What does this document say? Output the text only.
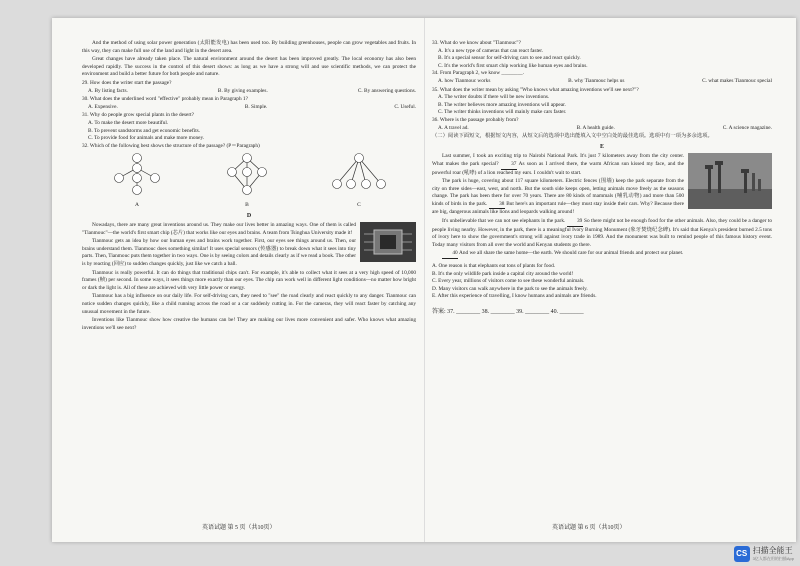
And the method of using solar power generation (太阳能发电) has been used too. By building greenhouses, people can grow vegetables and fruits. In this way, they can make full use of the land and light in the desert area.

Great changes have already taken place. The natural environment around the desert has been improved greatly. The local economy has also been developed rapidly. The success in the control of this desert shows: as long as we have a strong will and use scientific methods, we can protect the environment and build a better future for both people and nature.

29. How does the writer start the passage?

A. By listing facts.	B. By giving examples.	C. By answering questions.

30. What does the underlined word "effective" probably mean in Paragraph 1?

A. Expensive.	B. Simple.	C. Useful.

31. Why do people grow special plants in the desert?

A. To make the desert more beautiful.

B. To prevent sandstorms and get economic benefits.

C. To provide food for animals and make more money.

32. Which of the following best shows the structure of the passage? (P＝Paragraph)

A	B	C
D

Nowadays, there are many great inventions around us. They make our lives better in amazing ways. One of them is called "Tianmouc"—the world's first smart chip (芯片) that works like our eyes and brains. A team from Tsinghua University made it!

Tianmouc gets an idea by how our human eyes and brains work together. First, our eyes see things around us. Then, our brains understand them. Tianmouc does something similar! It uses special sensors (传感器) to break down what it sees into tiny parts. Then, Tianmouc puts them together in two ways. One is by seeing colors and details clearly as if we read a book. The other is by reacting (回应) to sudden changes quickly, just like we catch a ball.

Tianmouc is really powerful. It can do things that traditional chips can't. For example, it's able to collect what it sees at a very high speed of 10,000 frames (帧) per second. In some ways, it sees things more exactly than our eyes. The chip can work well in different light conditions—no matter how bright or dark the light is. All of these are achieved with very little power or energy.

Tianmouc has a big influence on our daily life. For self-driving cars, they need to "see" the road clearly and react quickly to any danger. Tianmouc can notice sudden changes quickly, like a child running across the road or a car suddenly cutting in. For the cameras, they will react faster by catching any unusual movement in the future.

Inventions like Tianmouc show how creative the humans can be! They are making our lives more convenient and safer. Who knows what amazing inventions we'll see next?

英语试题 第 5 页（共10页）

33. What do we know about "Tianmouc"?

A. It's a new type of cameras that can react faster.

B. It's a special sensor for self-driving cars to see and react quickly.

C. It's the world's first smart chip working like human eyes and brains.

34. From Paragraph 2, we know ________.

A. how Tianmouc works	B. why Tianmouc helps us	C. what makes Tianmouc special

35. What does the writer mean by asking "Who knows what amazing inventions we'll see next?"?

A. The writer doubts if there will be new inventions.

B. The writer believes more amazing inventions will appear.

C. The writer thinks inventions will mainly make cars faster.

36. Where is the passage probably from?

A. A travel ad.	B. A health guide.	C. A science magazine.

（二）阅读下面短文，根据短文内容，从短文后的选项中选出能填入文中空白处的最佳选项。选项中有一项为多余选项。

E

Last summer, I took an exciting trip to Nairobi National Park. It's just 7 kilometers away from the city center. What makes the park special? 37 As soon as I arrived there, the warm African sun kissed my face, and the powerful roar (吼哮) of a lion reached my ears. I couldn't wait to start.

The park is huge, covering about 117 square kilometers. Electric fences (围墙) keep the park separate from the city on three sides—east, west, and north. But the south side keeps open, letting animals move freely as the seasons change. The park has been there for over 70 years. There are 80 kinds of mammals (哺乳动物) and more than 500 kinds of birds in the park. 38 But here's an important rule—they must stay inside their cars. Why? Because there are big, dangerous animals like lions and leopards walking around!

It's unbelievable that we can not see elephants in the park. 39 So there might not be enough food for the other animals. Also, they could be a danger to people living nearby. However, in the park, there is a meaningful Ivory Burning Monument (象牙焚烧纪念碑). It's said that Kenya's president burned 2.5 tons of ivory here to show the government's strong will against ivory trade in 1989. And the monument was built to remind people of this famous history event. Today many visitors from all over the world and Kenyan students go there.

40 And we all share the same home—the earth. We should care for our animal friends and protect our planet.

A. One reason is that elephants eat tons of plants for food.

B. It's the only wildlife park inside a capital city around the world!

C. Every year, millions of visitors come to see these wonderful animals.

D. Many visitors can walk anywhere in the park to see the animals freely.

E. After this experience of travelling, I know humans and animals are friends.

答案: 37. ________ 38. ________ 39. ________ 40. ________
英语试题 第 6 页（共10页）
CS 扫描全能王
3亿人都在用的扫描App
